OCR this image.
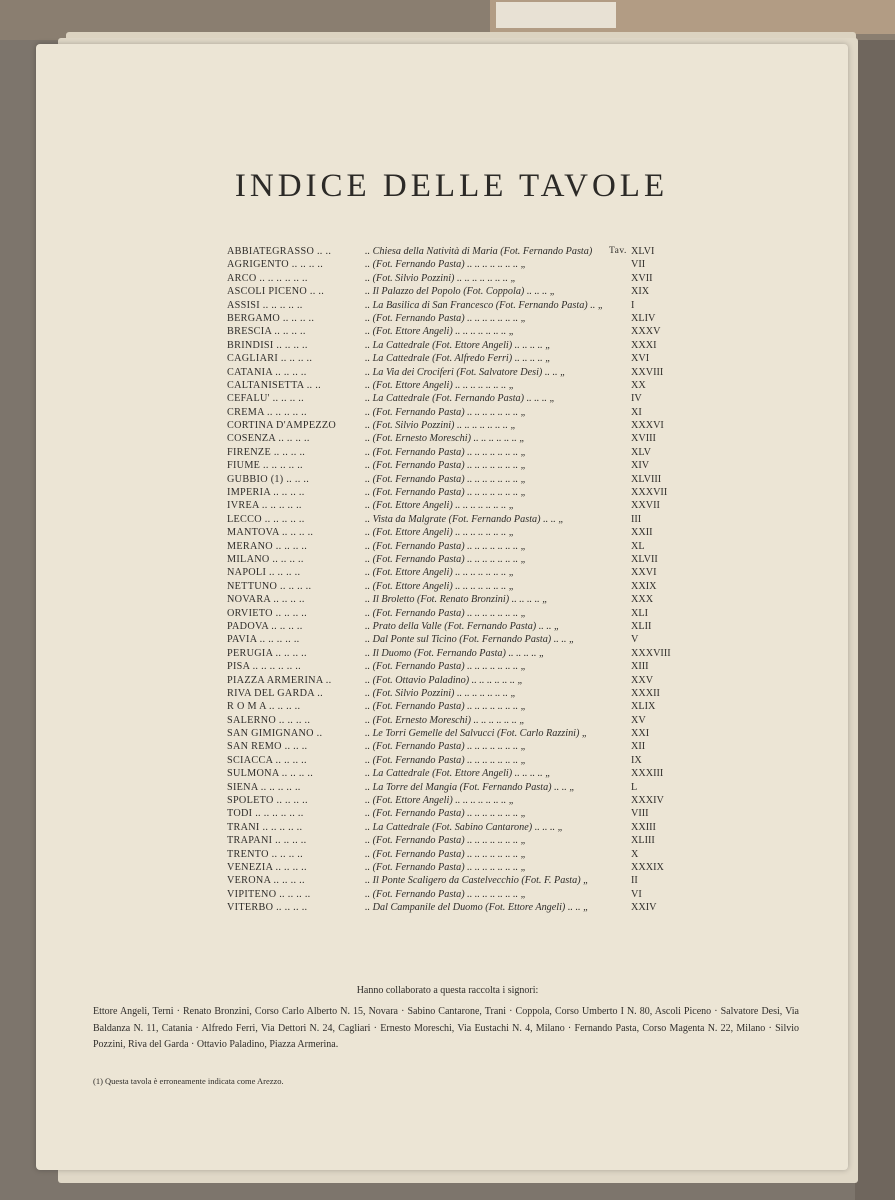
INDICE DELLE TAVOLE
ABBIATEGRASSO .. ..	.. Chiesa della Natività di Maria (Fot. Fernando Pasta) Tav. XLVI
AGRIGENTO .. .. .. ..	.. (Fot. Fernando Pasta) .. .. .. .. .. .. .. „	VII
ARCO .. .. .. .. .. ..	.. (Fot. Silvio Pozzini) .. .. .. .. .. .. .. „	XVII
ASCOLI PICENO .. ..	.. Il Palazzo del Popolo (Fot. Coppola) .. .. .. „	XIX
ASSISI .. .. .. .. ..	.. La Basilica di San Francesco (Fot. Fernando Pasta) .. „	I
BERGAMO .. .. .. ..	.. (Fot. Fernando Pasta) .. .. .. .. .. .. .. „	XLIV
BRESCIA .. .. .. ..	.. (Fot. Ettore Angeli) .. .. .. .. .. .. .. „	XXXV
BRINDISI .. .. .. ..	.. La Cattedrale (Fot. Ettore Angeli) .. .. .. .. „	XXXI
CAGLIARI .. .. .. ..	.. La Cattedrale (Fot. Alfredo Ferri) .. .. .. .. „	XVI
CATANIA .. .. .. ..	.. La Via dei Crociferi (Fot. Salvatore Desi) .. .. „	XXVIII
CALTANISETTA .. ..	.. (Fot. Ettore Angeli) .. .. .. .. .. .. .. „	XX
CEFALU' .. .. .. ..	.. La Cattedrale (Fot. Fernando Pasta) .. .. .. „	IV
CREMA .. .. .. .. ..	.. (Fot. Fernando Pasta) .. .. .. .. .. .. .. „	XI
CORTINA D'AMPEZZO	.. (Fot. Silvio Pozzini) .. .. .. .. .. .. .. „	XXXVI
COSENZA .. .. .. ..	.. (Fot. Ernesto Moreschi) .. .. .. .. .. .. „	XVIII
FIRENZE .. .. .. ..	.. (Fot. Fernando Pasta) .. .. .. .. .. .. .. „	XLV
FIUME .. .. .. .. ..	.. (Fot. Fernando Pasta) .. .. .. .. .. .. .. „	XIV
GUBBIO (1) .. .. ..	.. (Fot. Fernando Pasta) .. .. .. .. .. .. .. „	XLVIII
IMPERIA .. .. .. ..	.. (Fot. Fernando Pasta) .. .. .. .. .. .. .. „	XXXVII
IVREA .. .. .. .. ..	.. (Fot. Ettore Angeli) .. .. .. .. .. .. .. „	XXVII
LECCO .. .. .. .. ..	.. Vista da Malgrate (Fot. Fernando Pasta) .. .. „	III
MANTOVA .. .. .. ..	.. (Fot. Ettore Angeli) .. .. .. .. .. .. .. „	XXII
MERANO .. .. .. ..	.. (Fot. Fernando Pasta) .. .. .. .. .. .. .. „	XL
MILANO .. .. .. ..	.. (Fot. Fernando Pasta) .. .. .. .. .. .. .. „	XLVII
NAPOLI .. .. .. ..	.. (Fot. Ettore Angeli) .. .. .. .. .. .. .. „	XXVI
NETTUNO .. .. .. ..	.. (Fot. Ettore Angeli) .. .. .. .. .. .. .. „	XXIX
NOVARA .. .. .. ..	.. Il Broletto (Fot. Renato Bronzini) .. .. .. .. „	XXX
ORVIETO .. .. .. ..	.. (Fot. Fernando Pasta) .. .. .. .. .. .. .. „	XLI
PADOVA .. .. .. ..	.. Prato della Valle (Fot. Fernando Pasta) .. .. „	XLII
PAVIA .. .. .. .. ..	.. Dal Ponte sul Ticino (Fot. Fernando Pasta) .. .. „	V
PERUGIA .. .. .. ..	.. Il Duomo (Fot. Fernando Pasta) .. .. .. .. „	XXXVIII
PISA .. .. .. .. .. ..	.. (Fot. Fernando Pasta) .. .. .. .. .. .. .. „	XIII
PIAZZA ARMERINA ..	.. (Fot. Ottavio Paladino) .. .. .. .. .. .. „	XXV
RIVA DEL GARDA ..	.. (Fot. Silvio Pozzini) .. .. .. .. .. .. .. „	XXXII
R O M A .. .. .. ..	.. (Fot. Fernando Pasta) .. .. .. .. .. .. .. „	XLIX
SALERNO .. .. .. ..	.. (Fot. Ernesto Moreschi) .. .. .. .. .. .. „	XV
SAN GIMIGNANO ..	.. Le Torri Gemelle del Salvucci (Fot. Carlo Razzini) „	XXI
SAN REMO .. .. ..	.. (Fot. Fernando Pasta) .. .. .. .. .. .. .. „	XII
SCIACCA .. .. .. ..	.. (Fot. Fernando Pasta) .. .. .. .. .. .. .. „	IX
SULMONA .. .. .. ..	.. La Cattedrale (Fot. Ettore Angeli) .. .. .. .. „	XXXIII
SIENA .. .. .. .. ..	.. La Torre del Mangia (Fot. Fernando Pasta) .. .. „	L
SPOLETO .. .. .. ..	.. (Fot. Ettore Angeli) .. .. .. .. .. .. .. „	XXXIV
TODI .. .. .. .. .. ..	.. (Fot. Fernando Pasta) .. .. .. .. .. .. .. „	VIII
TRANI .. .. .. .. ..	.. La Cattedrale (Fot. Sabino Cantarone) .. .. .. „	XXIII
TRAPANI .. .. .. ..	.. (Fot. Fernando Pasta) .. .. .. .. .. .. .. „	XLIII
TRENTO .. .. .. ..	.. (Fot. Fernando Pasta) .. .. .. .. .. .. .. „	X
VENEZIA .. .. .. ..	.. (Fot. Fernando Pasta) .. .. .. .. .. .. .. „	XXXIX
VERONA .. .. .. ..	.. Il Ponte Scaligero da Castelvecchio (Fot. F. Pasta) „	II
VIPITENO .. .. .. ..	.. (Fot. Fernando Pasta) .. .. .. .. .. .. .. „	VI
VITERBO .. .. .. ..	.. Dal Campanile del Duomo (Fot. Ettore Angeli) .. .. „	XXIV
Hanno collaborato a questa raccolta i signori:
Ettore Angeli, Terni · Renato Bronzini, Corso Carlo Alberto N. 15, Novara · Sabino Cantarone, Trani · Coppola, Corso Umberto I N. 80, Ascoli Piceno · Salvatore Desi, Via Baldanza N. 11, Catania · Alfredo Ferri, Via Dettori N. 24, Cagliari · Ernesto Moreschi, Via Eustachi N. 4, Milano · Fernando Pasta, Corso Magenta N. 22, Milano · Silvio Pozzini, Riva del Garda · Ottavio Paladino, Piazza Armerina.
(1) Questa tavola è erroneamente indicata come Arezzo.
